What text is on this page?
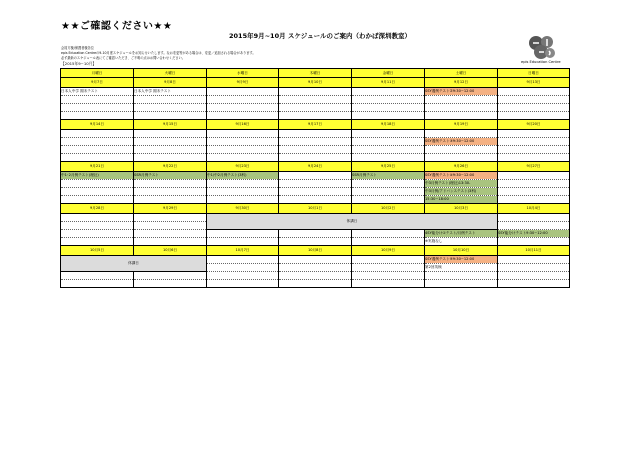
★★ご確認ください★★
2015年9月~10月 スケジュールのご案内（わかば深圳教室）
会員方様/保護者様各位
epis Education Centreの9-10月度スケジュールをお知らせいたします。なお変更等がある場合は、変更／追加される場合があります。
必ず最新のスケジュール表にてご確認いただき、ご不明の点はお問い合わせください。
【2015年9~10月】	epis Education Centre
月曜日	火曜日	水曜日	木曜日	金曜日	土曜日	日曜日
9月7日	9月8日	9月9日	9月10日	9月11日	9月12日	9月13日
日本人中学 期末テスト	日本人中学 期末テスト				SSY週例テスト②9:30~12:00	

9月14日	9月15日	9月16日	9月17日	9月18日	9月19日	9月20日

					SSY週例テスト③9:30~12:00	

9月21日	9月22日	9月23日	9月24日	9月25日	9月26日	9月27日
中1･2月例テスト(理社)	SSR月例テスト	中1/中2月例テスト(3科)		SSR月例テスト	SSY週例テスト④9:30~12:00	
					中3月例テスト(理社)13:30-	
					中3月例/アドバンステスト(3科)	
					15:30~18:00	
9月28日	9月29日	9月30日	10月1日	10月2日	10月3日	10月4日
		休講日				

					4SY能分け①テスト/月例テスト	SSY能分けテスト9:30~12:00
					※実施なし	
10月5日	10月6日	10月7日	10月8日	10月9日	10月10日	10月11日
休講日					SSY週例テスト⑤9:30~12:00	
					第2回英検	
